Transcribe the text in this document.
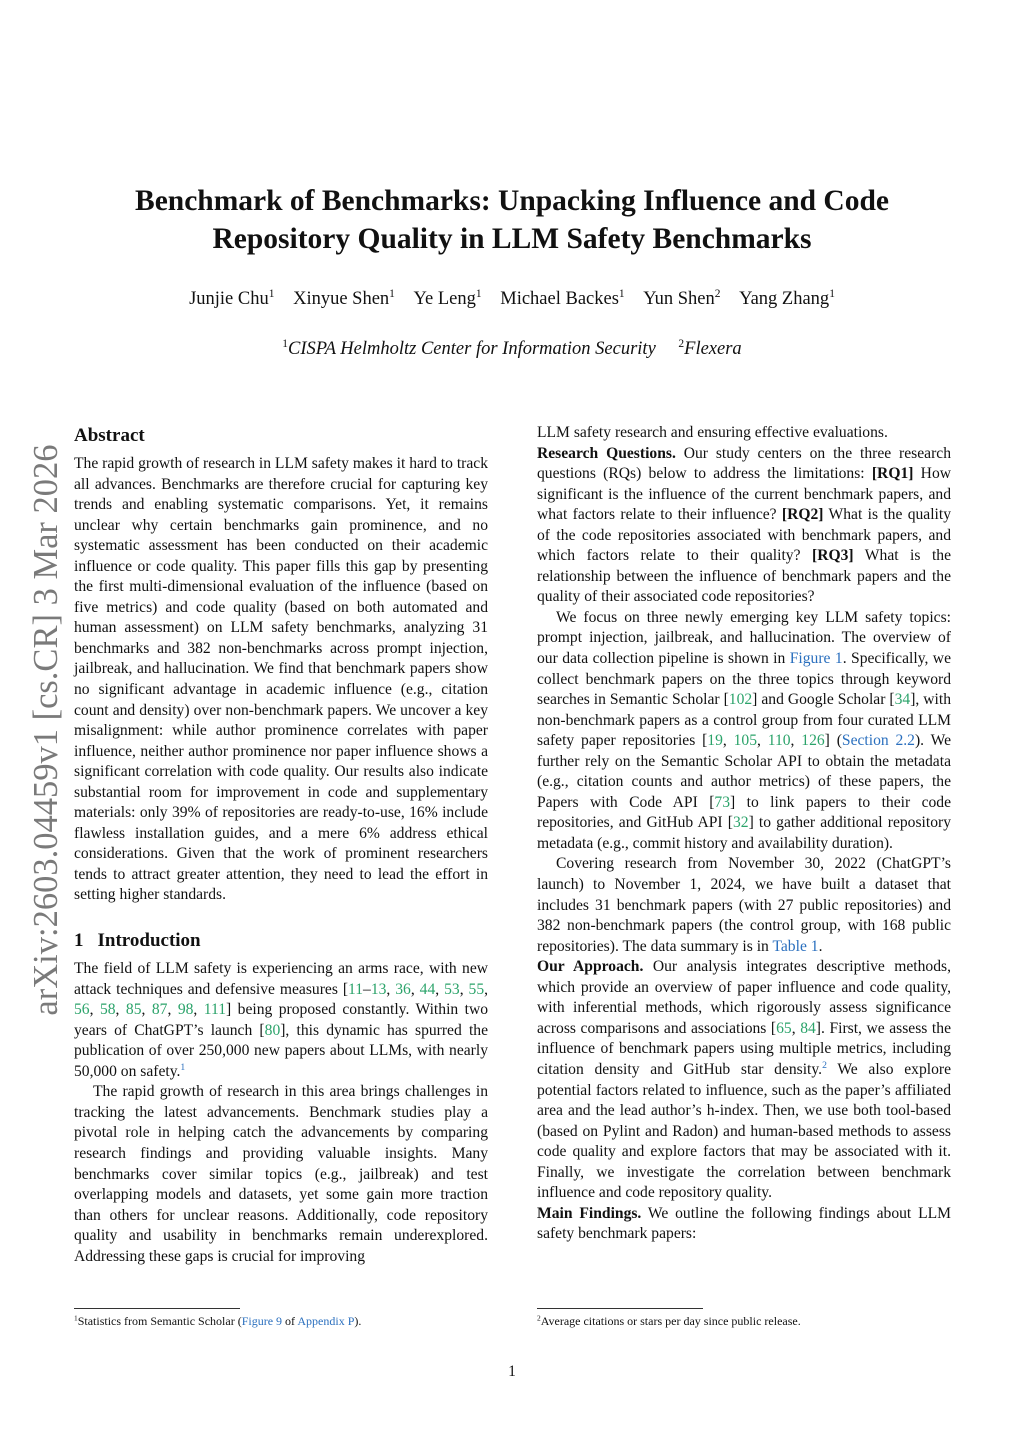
Benchmark of Benchmarks: Unpacking Influence and Code
Repository Quality in LLM Safety Benchmarks
Junjie Chu$^1$ Xinyue Shen$^1$ Ye Leng$^1$ Michael Backes$^1$ Yun Shen$^2$ Yang Zhang$^1$
$^1$CISPA Helmholtz Center for Information Security $^2$Flexera
arXiv:2603.04459v1 [cs.CR] 3 Mar 2026
Abstract

The rapid growth of research in LLM safety makes it hard to track all advances. Benchmarks are therefore crucial for capturing key trends and enabling systematic comparisons. Yet, it remains unclear why certain benchmarks gain prominence, and no systematic assessment has been conducted on their academic influence or code quality. This paper fills this gap by presenting the first multi-dimensional evaluation of the influence (based on five metrics) and code quality (based on both automated and human assessment) on LLM safety benchmarks, analyzing 31 benchmarks and 382 non-benchmarks across prompt injection, jailbreak, and hallucination. We find that benchmark papers show no significant advantage in academic influence (e.g., citation count and density) over non-benchmark papers. We uncover a key misalignment: while author prominence correlates with paper influence, neither author prominence nor paper influence shows a significant correlation with code quality. Our results also indicate substantial room for improvement in code and supplementary materials: only 39% of repositories are ready-to-use, 16% include flawless installation guides, and a mere 6% address ethical considerations. Given that the work of prominent researchers tends to attract greater attention, they need to lead the effort in setting higher standards.

1 Introduction

The field of LLM safety is experiencing an arms race, with new attack techniques and defensive measures [11–13, 36, 44, 53, 55, 56, 58, 85, 87, 98, 111] being proposed constantly. Within two years of ChatGPT’s launch [80], this dynamic has spurred the publication of over 250,000 new papers about LLMs, with nearly 50,000 on safety.$^1$

The rapid growth of research in this area brings challenges in tracking the latest advancements. Benchmark studies play a pivotal role in helping catch the advancements by comparing research findings and providing valuable insights. Many benchmarks cover similar topics (e.g., jailbreak) and test overlapping models and datasets, yet some gain more traction than others for unclear reasons. Additionally, code repository quality and usability in benchmarks remain underexplored. Addressing these gaps is crucial for improving

LLM safety research and ensuring effective evaluations.

Research Questions. Our study centers on the three research questions (RQs) below to address the limitations: [RQ1] How significant is the influence of the current benchmark papers, and what factors relate to their influence? [RQ2] What is the quality of the code repositories associated with benchmark papers, and which factors relate to their quality? [RQ3] What is the relationship between the influence of benchmark papers and the quality of their associated code repositories?

We focus on three newly emerging key LLM safety topics: prompt injection, jailbreak, and hallucination. The overview of our data collection pipeline is shown in Figure 1. Specifically, we collect benchmark papers on the three topics through keyword searches in Semantic Scholar [102] and Google Scholar [34], with non-benchmark papers as a control group from four curated LLM safety paper repositories [19, 105, 110, 126] (Section 2.2). We further rely on the Semantic Scholar API to obtain the metadata (e.g., citation counts and author metrics) of these papers, the Papers with Code API [73] to link papers to their code repositories, and GitHub API [32] to gather additional repository metadata (e.g., commit history and availability duration).

Covering research from November 30, 2022 (ChatGPT’s launch) to November 1, 2024, we have built a dataset that includes 31 benchmark papers (with 27 public repositories) and 382 non-benchmark papers (the control group, with 168 public repositories). The data summary is in Table 1.

Our Approach. Our analysis integrates descriptive methods, which provide an overview of paper influence and code quality, with inferential methods, which rigorously assess significance across comparisons and associations [65, 84]. First, we assess the influence of benchmark papers using multiple metrics, including citation density and GitHub star density.$^2$ We also explore potential factors related to influence, such as the paper’s affiliated area and the lead author’s h-index. Then, we use both tool-based (based on Pylint and Radon) and human-based methods to assess code quality and explore factors that may be associated with it. Finally, we investigate the correlation between benchmark influence and code repository quality.

Main Findings. We outline the following findings about LLM safety benchmark papers:

$^1$Statistics from Semantic Scholar (Figure 9 of Appendix P).	$^2$Average citations or stars per day since public release.
1
